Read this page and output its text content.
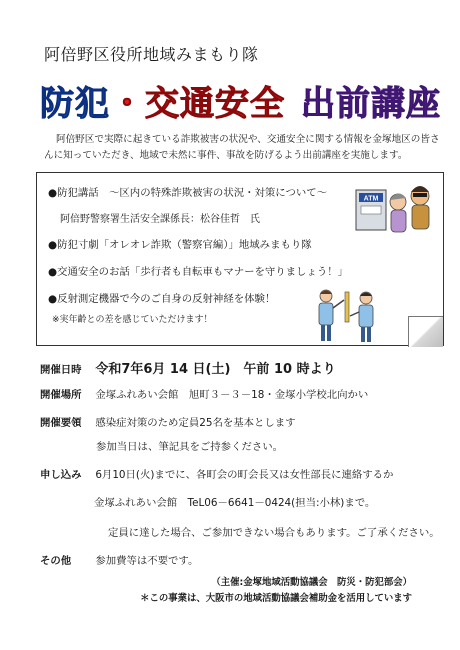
阿倍野区役所地域みまもり隊
防犯・交通安全 出前講座
阿倍野区で実際に起きている詐欺被害の状況や、交通安全に関する情報を金塚地区の皆さんに知っていただき、地域で未然に事件、事故を防げるよう出前講座を実施します。
●防犯講話　～区内の特殊詐欺被害の状況・対策について～
阿倍野警察署生活安全課係長：松谷佳哲　氏
●防犯寸劇「オレオレ詐欺（警察官編）」地域みまもり隊
●交通安全のお話「歩行者も自転車もマナーを守りましょう！」
●反射測定機器で今のご自身の反射神経を体験！
※実年齢との差を感じていただけます！
ATM
開催日時 令和7年6月 14 日(土)　午前 10 時より
開催場所 金塚ふれあい会館　旭町３－３－18・金塚小学校北向かい
開催要領 感染症対策のため定員25名を基本とします
参加当日は、筆記具をご持参ください。
申し込み 6月10日(火)までに、各町会の町会長又は女性部長に連絡するか
金塚ふれあい会館　TeL06－6641－0424(担当:小林)まで。
定員に達した場合、ご参加できない場合もあります。ご了承ください。
その他 参加費等は不要です。
（主催:金塚地域活動協議会　防災・防犯部会）
＊この事業は、大阪市の地域活動協議会補助金を活用しています
